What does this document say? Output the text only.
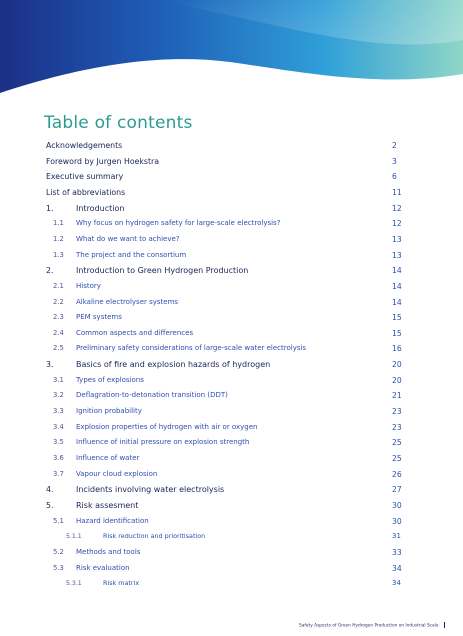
Table of contents
Acknowledgements	2
Foreword by Jurgen Hoekstra	3
Executive summary	6
List of abbreviations	11
1.	Introduction	12
1.1 Why focus on hydrogen safety for large-scale electrolysis?	12
1.2 What do we want to achieve?	13
1.3 The project and the consortium	13
2.	Introduction to Green Hydrogen Production	14
2.1 History	14
2.2 Alkaline electrolyser systems	14
2.3 PEM systems	15
2.4 Common aspects and differences	15
2.5 Preliminary safety considerations of large-scale water electrolysis	16
3.	Basics of fire and explosion hazards of hydrogen	20
3.1 Types of explosions	20
3.2 Deflagration-to-detonation transition (DDT)	21
3.3 Ignition probability	23
3.4 Explosion properties of hydrogen with air or oxygen	23
3.5 Influence of initial pressure on explosion strength	25
3.6 Influence of water	25
3.7 Vapour cloud explosion	26
4.	Incidents involving water electrolysis	27
5.	Risk assesment	30
5.1 Hazard identification	30
5.1.1	Risk reduction and prioritisation	31
5.2 Methods and tools	33
5.3 Risk evaluation	34
5.3.1	Risk matrix	34
Safety Aspects of Green Hydrogen Production on Industrial Scale
